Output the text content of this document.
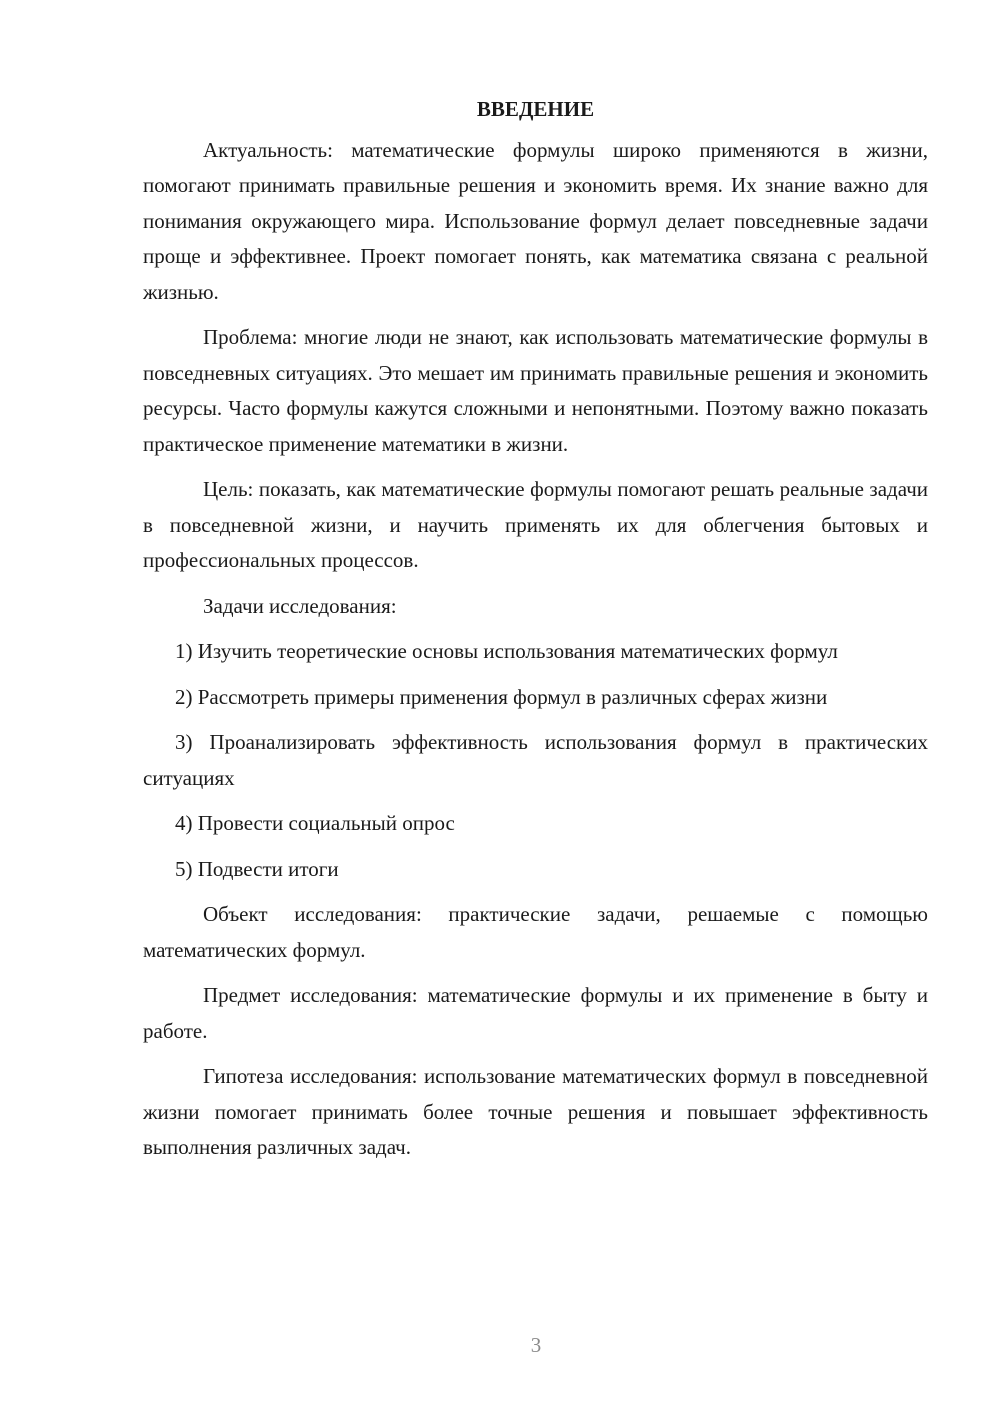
ВВЕДЕНИЕ

Актуальность: математические формулы широко применяются в жизни, помогают принимать правильные решения и экономить время. Их знание важно для понимания окружающего мира. Использование формул делает повседневные задачи проще и эффективнее. Проект помогает понять, как математика связана с реальной жизнью.

Проблема: многие люди не знают, как использовать математические формулы в повседневных ситуациях. Это мешает им принимать правильные решения и экономить ресурсы. Часто формулы кажутся сложными и непонятными. Поэтому важно показать практическое применение математики в жизни.

Цель: показать, как математические формулы помогают решать реальные задачи в повседневной жизни, и научить применять их для облегчения бытовых и профессиональных процессов.

Задачи исследования:

1) Изучить теоретические основы использования математических формул

2) Рассмотреть примеры применения формул в различных сферах жизни

3) Проанализировать эффективность использования формул в практических ситуациях

4) Провести социальный опрос

5) Подвести итоги

Объект исследования: практические задачи, решаемые с помощью математических формул.

Предмет исследования: математические формулы и их применение в быту и работе.

Гипотеза исследования: использование математических формул в повседневной жизни помогает принимать более точные решения и повышает эффективность выполнения различных задач.

3
